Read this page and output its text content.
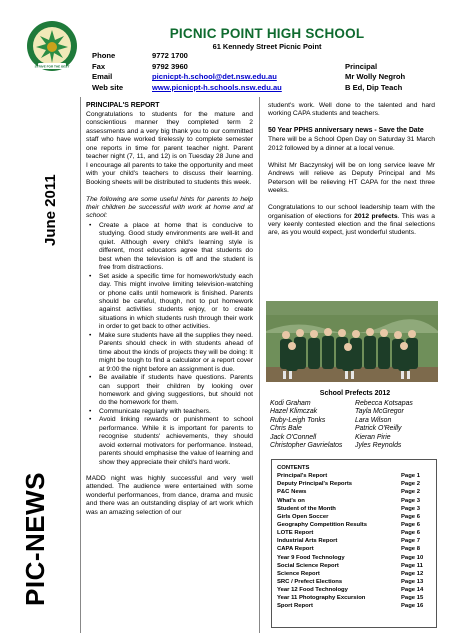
STRIVE FOR THE BEST
PICNIC POINT HIGH SCHOOL
61 Kennedy Street Picnic Point
Phone	9772 1700
Fax	9792 3960	Principal
Email	picnicpt-h.school@det.nsw.edu.au	Mr Wolly Negroh
Web site	www.picnicpt-h.schools.nsw.edu.au	B Ed, Dip Teach
June 2011
PIC-NEWS
PRINCIPAL'S REPORT
Congratulations to students for the mature and conscientious manner they completed term 2 assessments and a very big thank you to our committed staff who have worked tirelessly to complete semester one reports in time for parent teacher night. Parent teacher night (7, 11, and 12) is on Tuesday 28 June and I encourage all parents to take the opportunity and meet with your child's teachers to discuss their learning. Booking sheets will be distributed to students this week.
The following are some useful hints for parents to help their children be successful with work at home and at school:
• Create a place at home that is conducive to studying. Good study environments are well-lit and quiet. Although every child's learning style is different, most educators agree that students do best when the television is off and the student is free from distractions.
• Set aside a specific time for homework/study each day. This might involve limiting television-watching or phone calls until homework is finished. Parents should be careful, though, not to put homework against activities students enjoy, or to create situations in which students rush through their work in order to get back to other activities.
• Make sure students have all the supplies they need. Parents should check in with students ahead of time about the kinds of projects they will be doing: It might be tough to find a calculator or a report cover at 9:00 the night before an assignment is due.
• Be available if students have questions. Parents can support their children by looking over homework and giving suggestions, but should not do the homework for them.
• Communicate regularly with teachers.
• Avoid linking rewards or punishment to school performance. While it is important for parents to recognise students' achievements, they should avoid external motivators for performance. Instead, parents should emphasise the value of learning and show they appreciate their child's hard work.
MADD night was highly successful and very well attended. The audience were entertained with some wonderful performances, from dance, drama and music and there was an outstanding display of art work which was an amazing selection of our
student's work. Well done to the talented and hard working CAPA students and teachers.
50 Year PPHS anniversary news - Save the Date
There will be a School Open Day on Saturday 31 March 2012 followed by a dinner at a local venue.
Whilst Mr Baczynskyj will be on long service leave Mr Andrews will relieve as Deputy Principal and Ms Peterson will be relieving HT CAPA for the next three weeks.
Congratulations to our school leadership team with the organisation of elections for 2012 prefects. This was a very keenly contested election and the final selections are, as you would expect, just wonderful students.
School Prefects 2012
Kodi Graham	Rebecca Kotsapas
Hazel Klimczak	Tayla McGregor
Ruby-Leigh Tonks	Lara Wilson
Chris Bale	Patrick O'Reilly
Jack O'Connell	Kieran Pirie
Christopher Gavrielatos	Jyles Reynolds
CONTENTS
Principal's Report	Page 1
Deputy Principal's Reports	Page 2
P&C News	Page 2
What's on	Page 3
Student of the Month	Page 3
Girls Open Soccer	Page 6
Geography Competition Results	Page 6
LOTE Report	Page 6
Industrial Arts Report	Page 7
CAPA Report	Page 8
Year 9 Food Technology	Page 10
Social Science Report	Page 11
Science Report	Page 12
SRC / Prefect Elections	Page 13
Year 12 Food Technology	Page 14
Year 11 Photography Excursion	Page 15
Sport Report	Page 16
